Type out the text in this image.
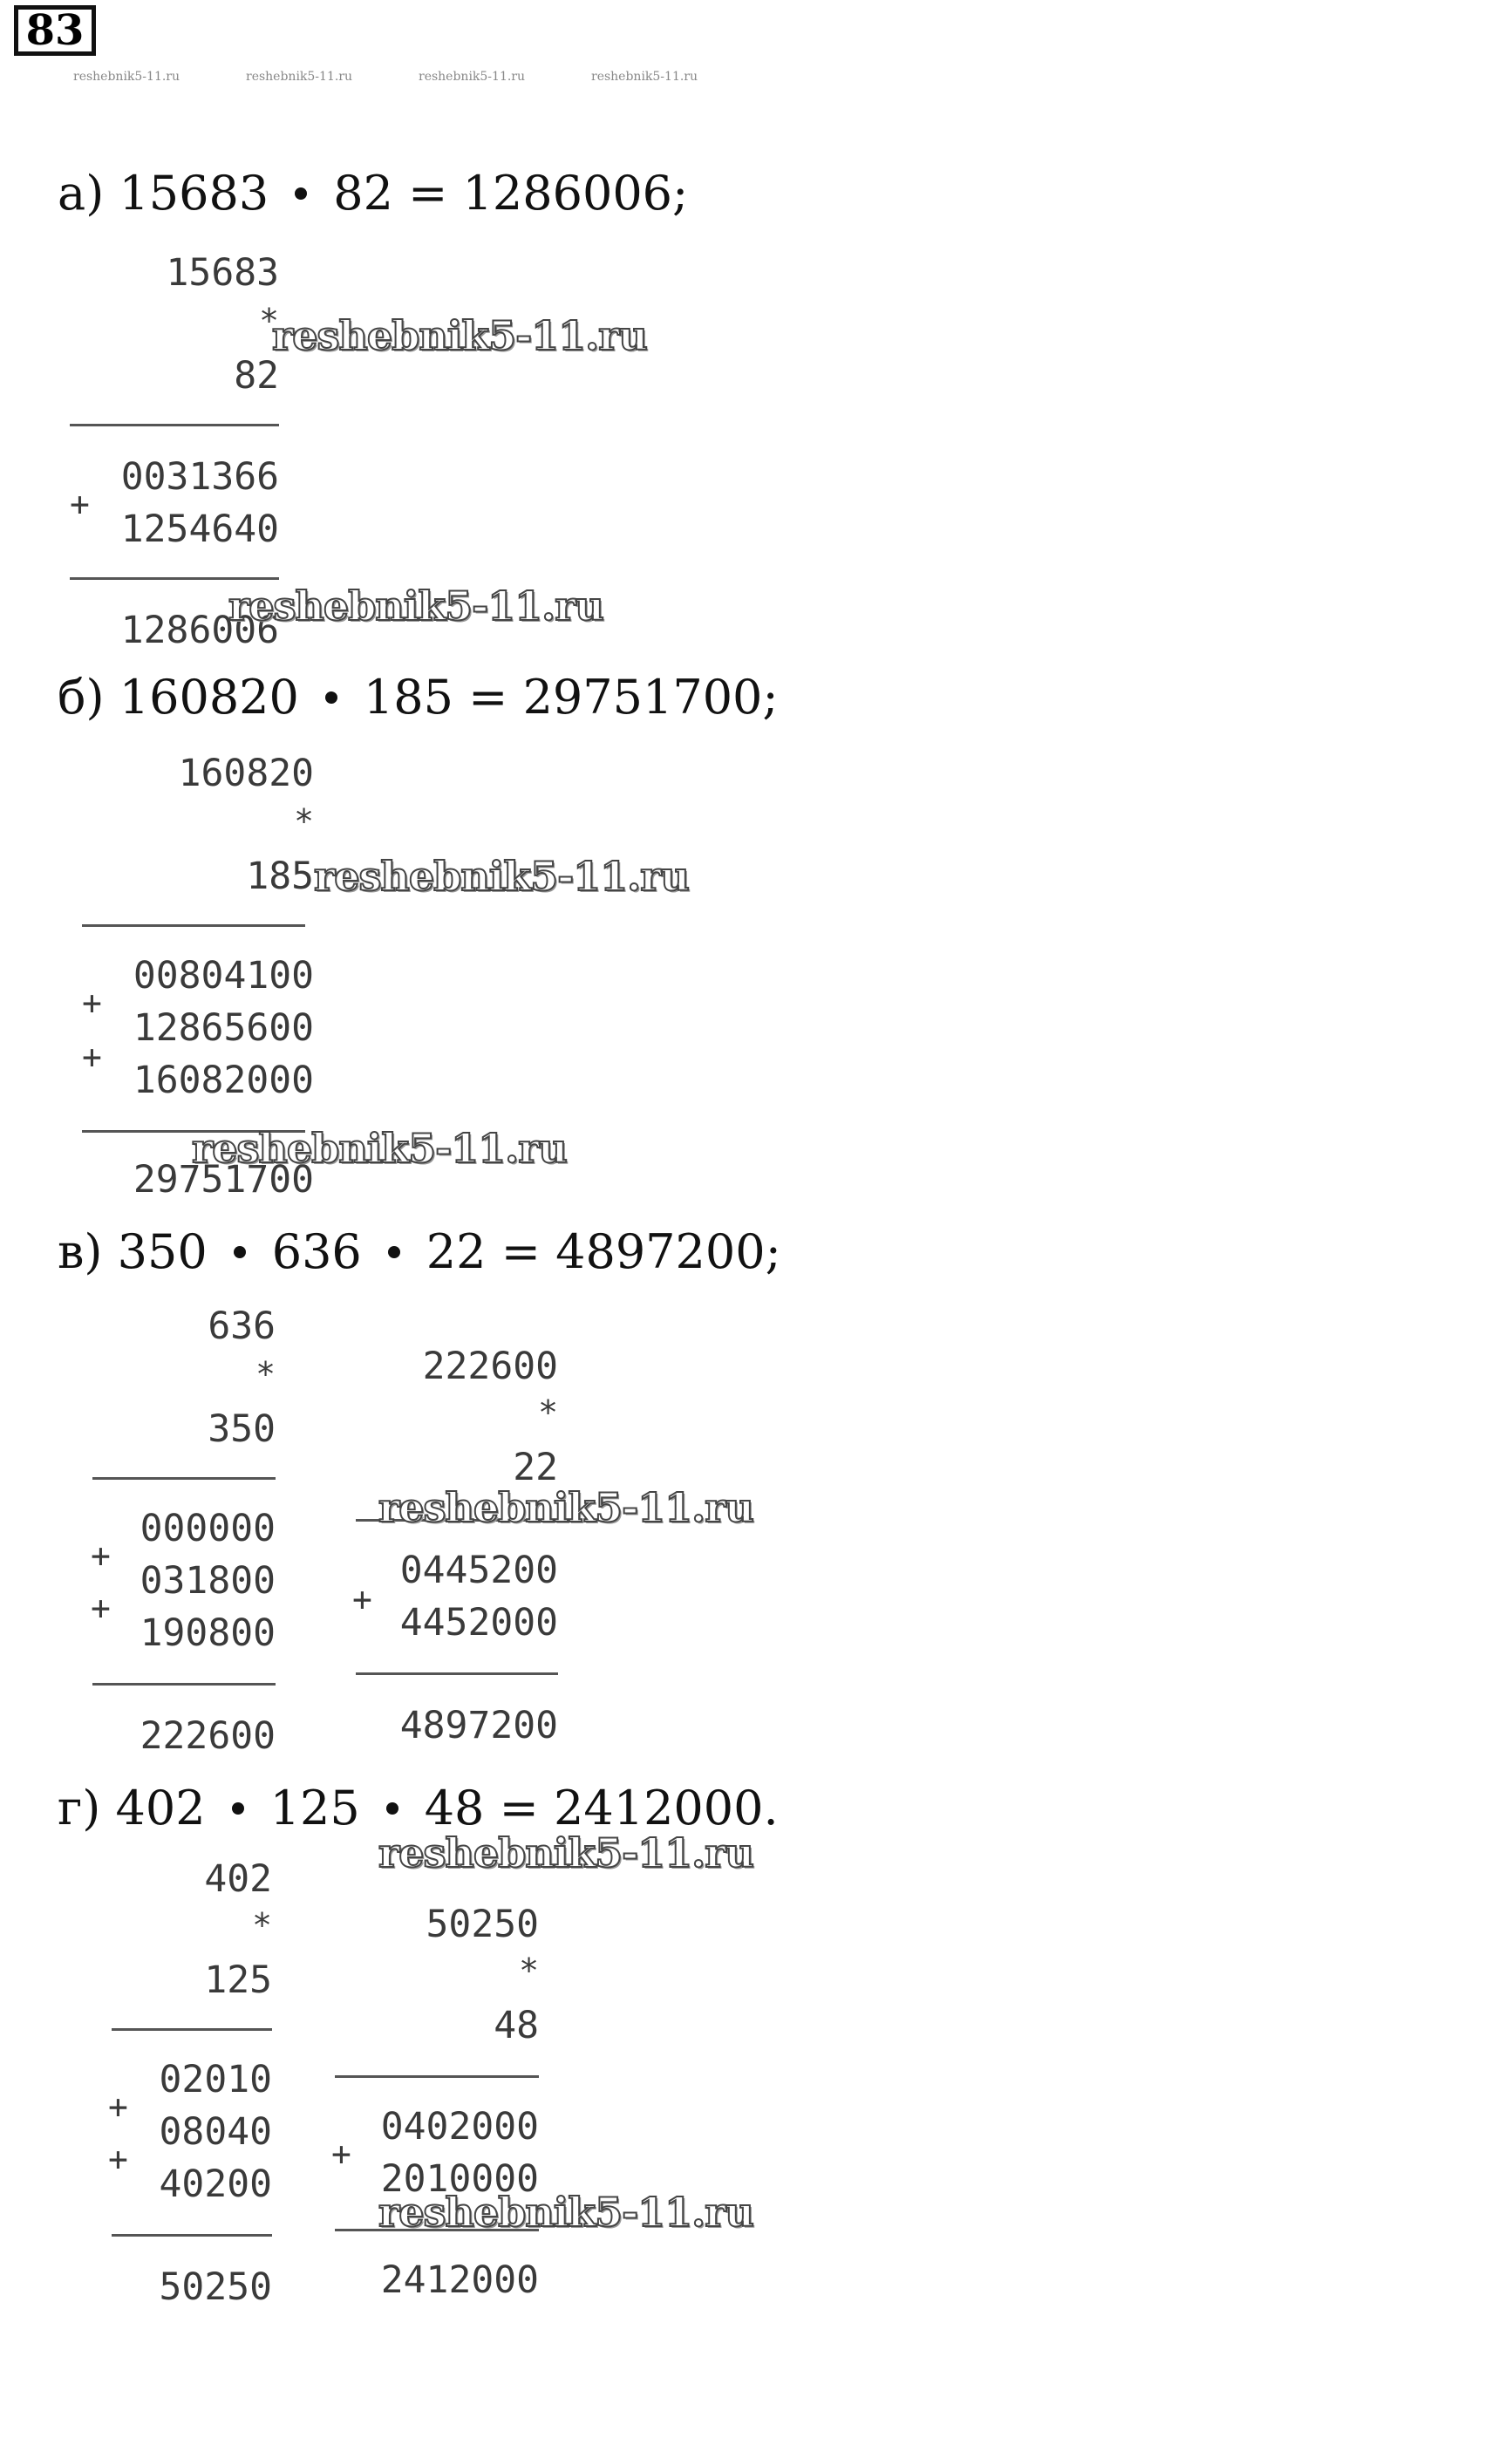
83
reshebnik5-11.ru	reshebnik5-11.ru	reshebnik5-11.ru	reshebnik5-11.ru
а) 15683 82 = 1286006;
15683
*
82
0031366
+
1254640
1286006
reshebnik5-11.ru
reshebnik5-11.ru
б) 160820 185 = 29751700;
160820
*
185
00804100
+
12865600
+
16082000
29751700
reshebnik5-11.ru
reshebnik5-11.ru
в) 350 636 22 = 4897200;
636
*
350
000000
+
031800
+
190800
222600
222600
*
22
0445200
+
4452000
4897200
reshebnik5-11.ru
г) 402 125 48 = 2412000.
reshebnik5-11.ru
402
*
125
02010
+
08040
+
40200
50250
50250
*
48
0402000
+
2010000
2412000
reshebnik5-11.ru
